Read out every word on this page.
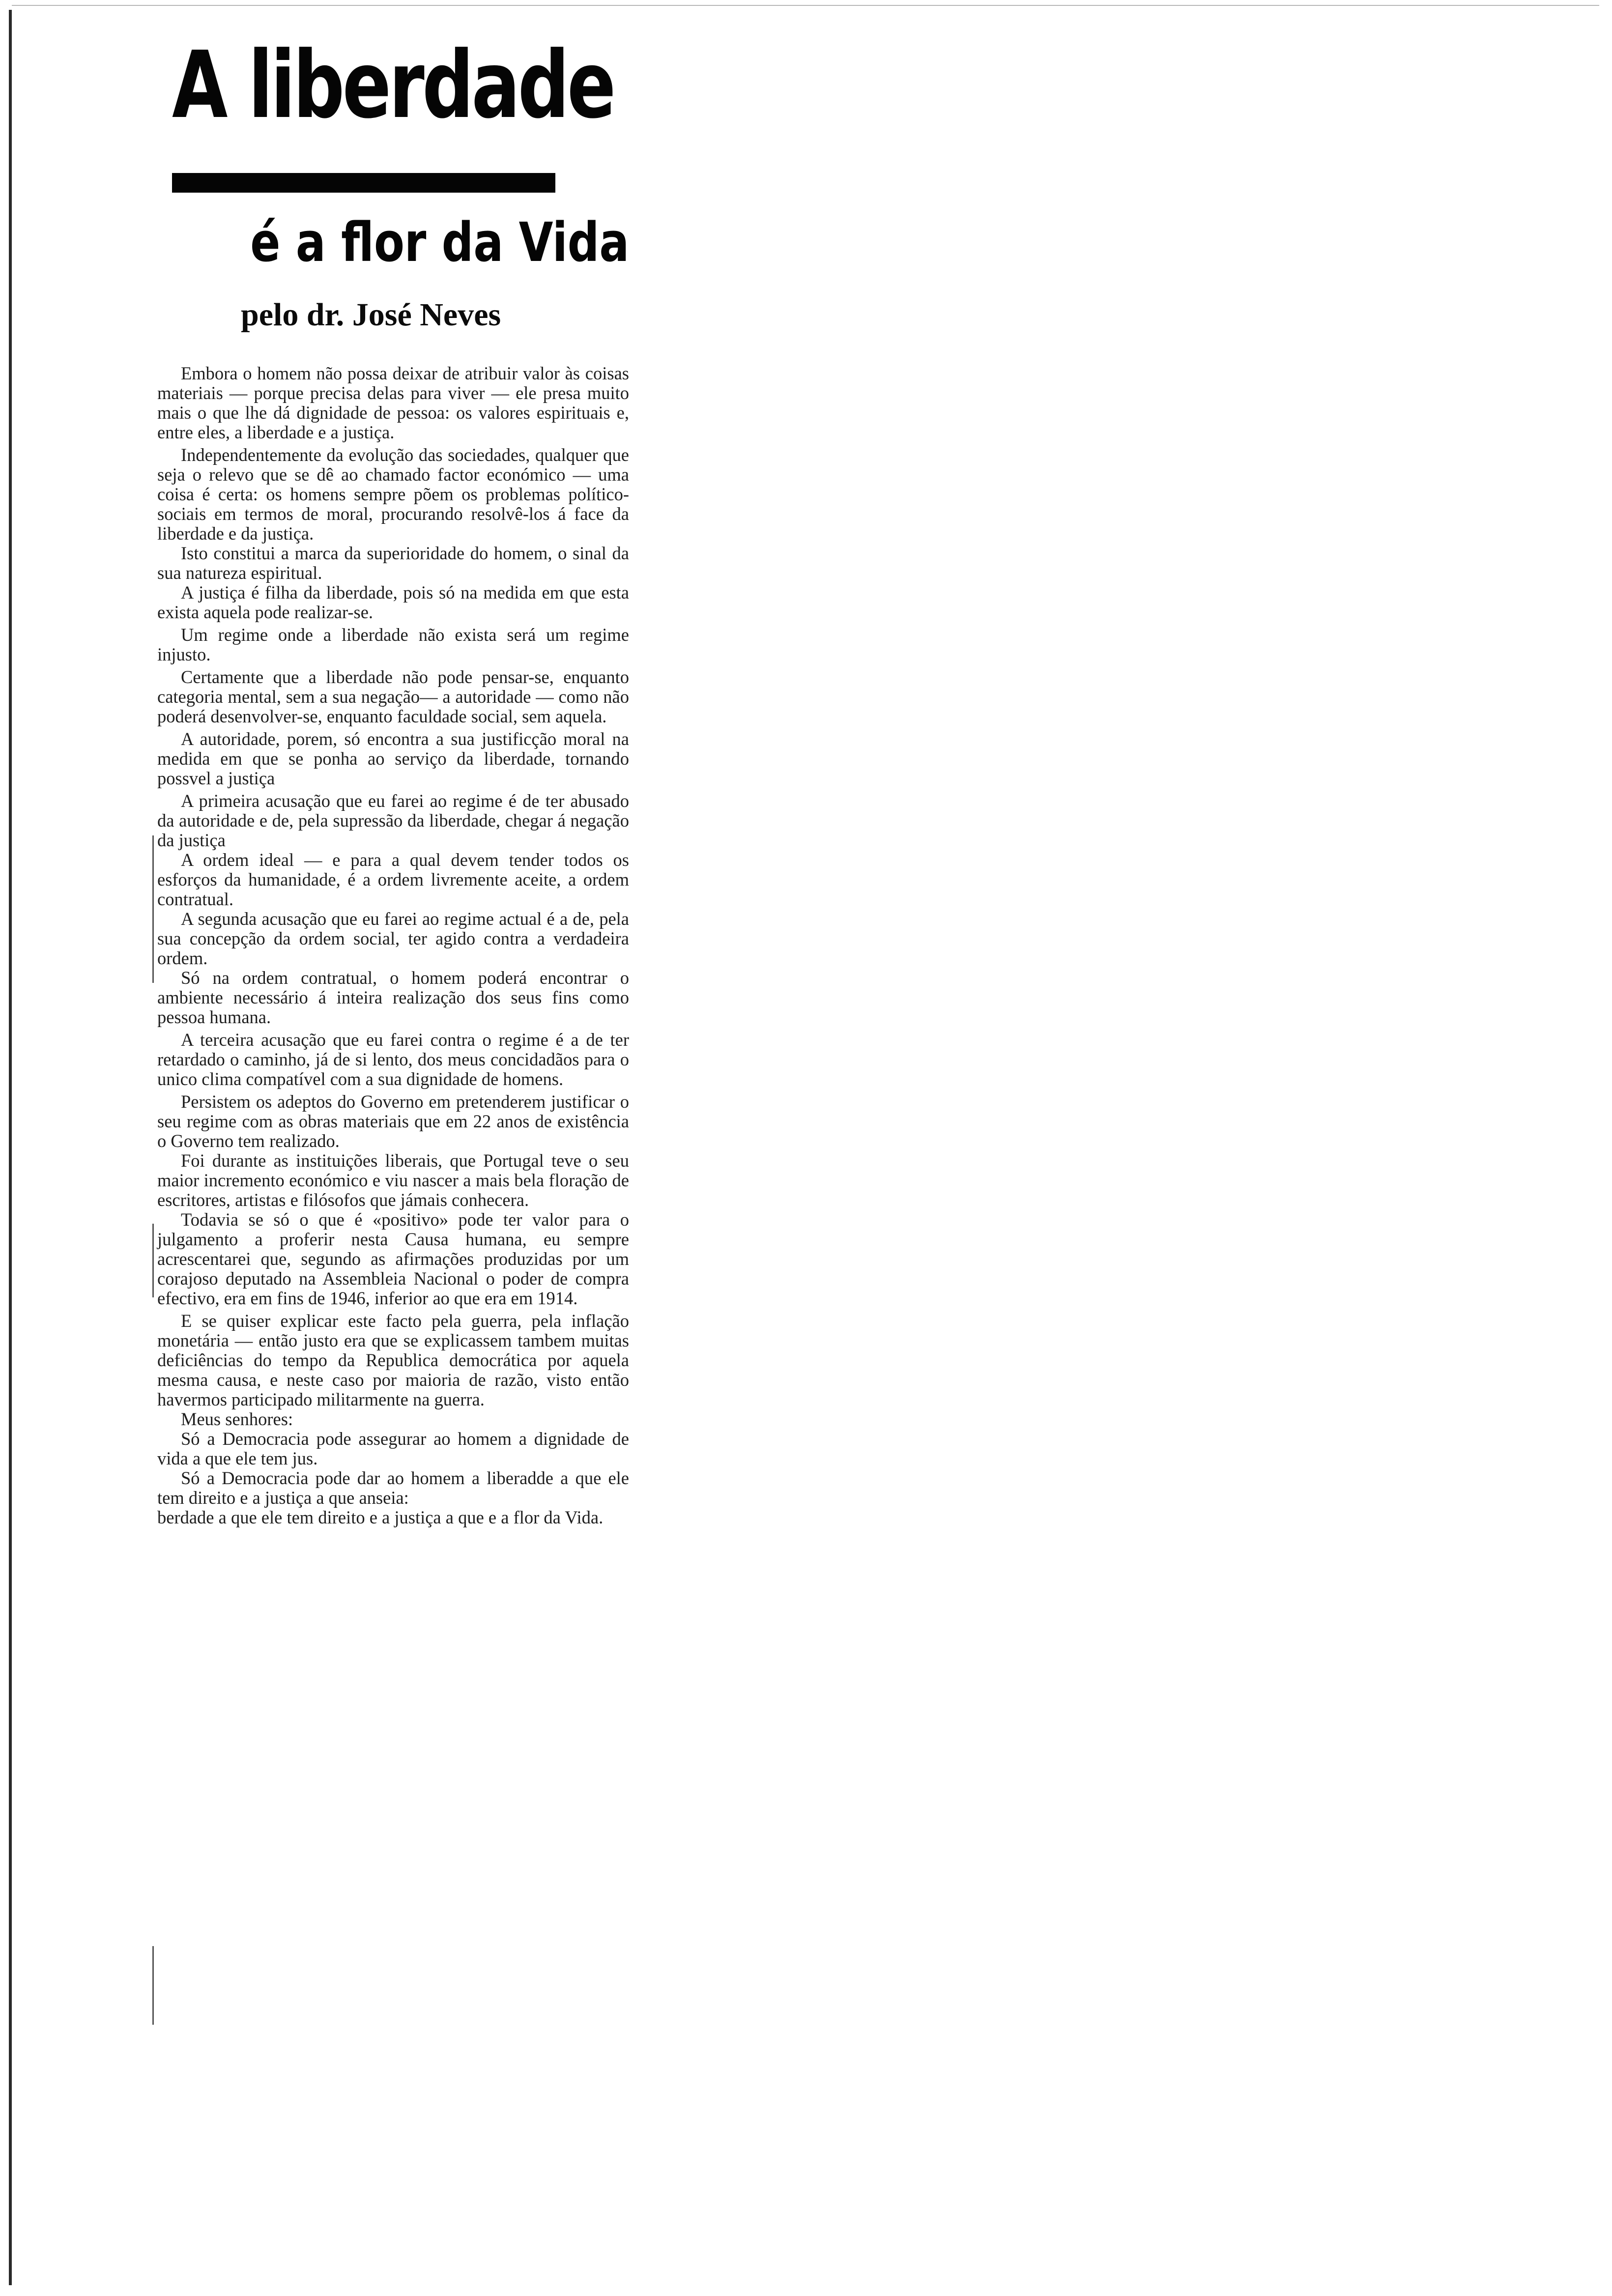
A liberdade
é a flor da Vida
pelo dr. José Neves

Embora o homem não possa deixar de atribuir valor às coisas materiais — porque precisa delas para viver — ele presa muito mais o que lhe dá dignidade de pessoa: os valores espirituais e, entre eles, a liberdade e a justiça.

Independentemente da evolução das sociedades, qualquer que seja o relevo que se dê ao chamado factor económico — uma coisa é certa: os homens sempre põem os problemas político-sociais em termos de moral, procurando resolvê-los á face da liberdade e da justiça.

Isto constitui a marca da superioridade do homem, o sinal da sua natureza espiritual.

A justiça é filha da liberdade, pois só na medida em que esta exista aquela pode realizar-se.

Um regime onde a liberdade não exista será um regime injusto.

Certamente que a liberdade não pode pensar-se, enquanto categoria mental, sem a sua negação— a autoridade — como não poderá desenvolver-se, enquanto faculdade social, sem aquela.

A autoridade, porem, só encontra a sua justificção moral na medida em que se ponha ao serviço da liberdade, tornando possvel a justiça

A primeira acusação que eu farei ao regime é de ter abusado da autoridade e de, pela supressão da liberdade, chegar á negação da justiça

A ordem ideal — e para a qual devem tender todos os esforços da humanidade, é a ordem livremente aceite, a ordem contratual.

A segunda acusação que eu farei ao regime actual é a de, pela sua concepção da ordem social, ter agido contra a verdadeira ordem.

Só na ordem contratual, o homem poderá encontrar o ambiente necessário á inteira realização dos seus fins como pessoa humana.

A terceira acusação que eu farei contra o regime é a de ter retardado o caminho, já de si lento, dos meus concidadãos para o unico clima compatível com a sua dignidade de homens.

Persistem os adeptos do Governo em pretenderem justificar o seu regime com as obras materiais que em 22 anos de existência o Governo tem realizado.

Foi durante as instituições liberais, que Portugal teve o seu maior incremento económico e viu nascer a mais bela floração de escritores, artistas e filósofos que jámais conhecera.

Todavia se só o que é «positivo» pode ter valor para o julgamento a proferir nesta Causa humana, eu sempre acrescentarei que, segundo as afirmações produzidas por um corajoso deputado na Assembleia Nacional o poder de compra efectivo, era em fins de 1946, inferior ao que era em 1914.

E se quiser explicar este facto pela guerra, pela inflação monetária — então justo era que se explicassem tambem muitas deficiências do tempo da Republica democrática por aquela mesma causa, e neste caso por maioria de razão, visto então havermos participado militarmente na guerra.

Meus senhores:

Só a Democracia pode assegurar ao homem a dignidade de vida a que ele tem jus.

Só a Democracia pode dar ao homem a liberadde a que ele tem direito e a justiça a que anseia:

berdade a que ele tem direito e a justiça a que e a flor da Vida.
